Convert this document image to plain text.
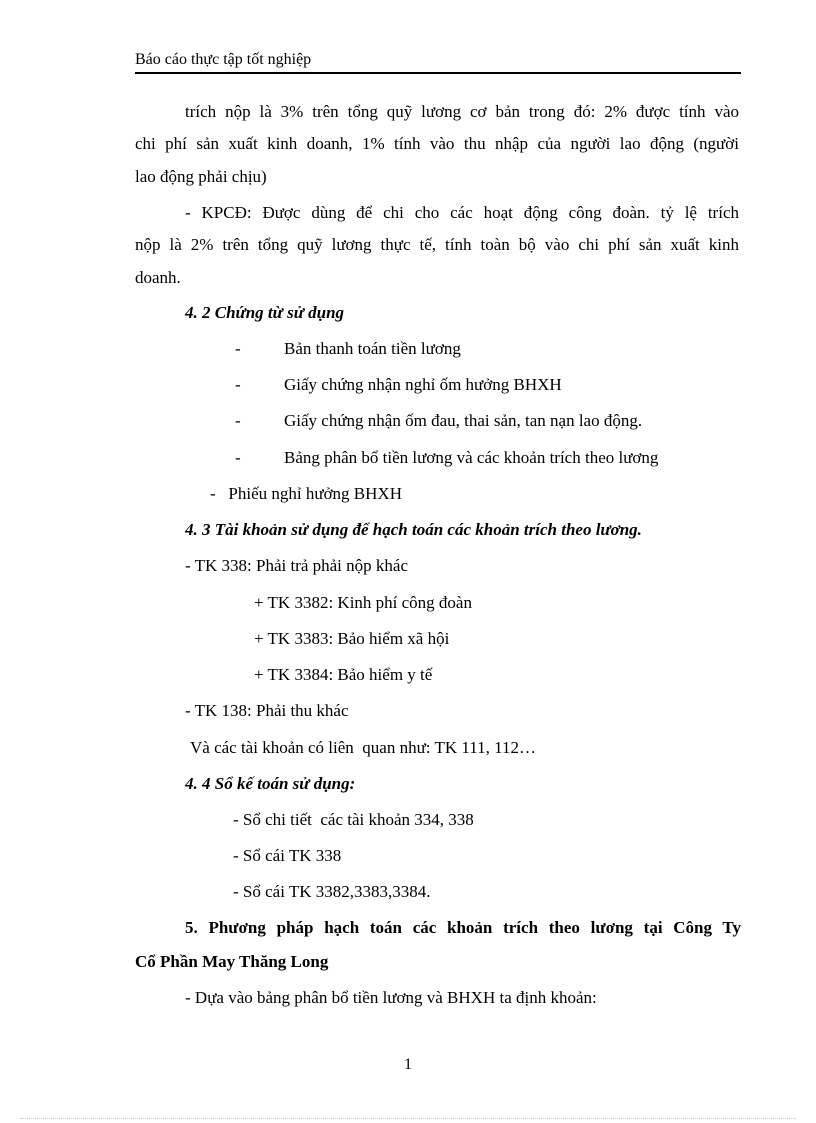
Báo cáo thực tập tốt nghiệp
trích nộp là 3% trên tổng quỹ lương cơ bản trong đó: 2% được tính vào
chi phí sản xuất kinh doanh, 1% tính vào thu nhập của người lao động (người
lao động phải chịu)
- KPCĐ: Được dùng để chi cho các hoạt động công đoàn. tỷ lệ trích
nộp là 2% trên tổng quỹ lương thực tế, tính toàn bộ vào chi phí sản xuất kinh
doanh.
4. 2 Chứng từ sử dụng
-	Bản thanh toán tiền lương
-	Giấy chứng nhận nghỉ ốm hưởng BHXH
-	Giấy chứng nhận ốm đau, thai sản, tan nạn lao động.
-	Bảng phân bổ tiền lương và các khoản trích theo lương
-   Phiếu nghỉ hưởng BHXH
4. 3 Tài khoản sử dụng để hạch toán các khoản trích theo lương.
- TK 338: Phải trả phải nộp khác
+ TK 3382: Kinh phí công đoàn
+ TK 3383: Bảo hiểm xã hội
+ TK 3384: Bảo hiểm y tế
- TK 138: Phải thu khác
Và các tài khoản có liên  quan như: TK 111, 112…
4. 4 Sổ kế toán sử dụng:
- Sổ chi tiết  các tài khoản 334, 338
- Sổ cái TK 338
- Sổ cái TK 3382,3383,3384.
5. Phương pháp hạch toán các khoản trích theo lương tại Công Ty
Cổ Phần May Thăng Long
- Dựa vào bảng phân bổ tiền lương và BHXH ta định khoản:
1
